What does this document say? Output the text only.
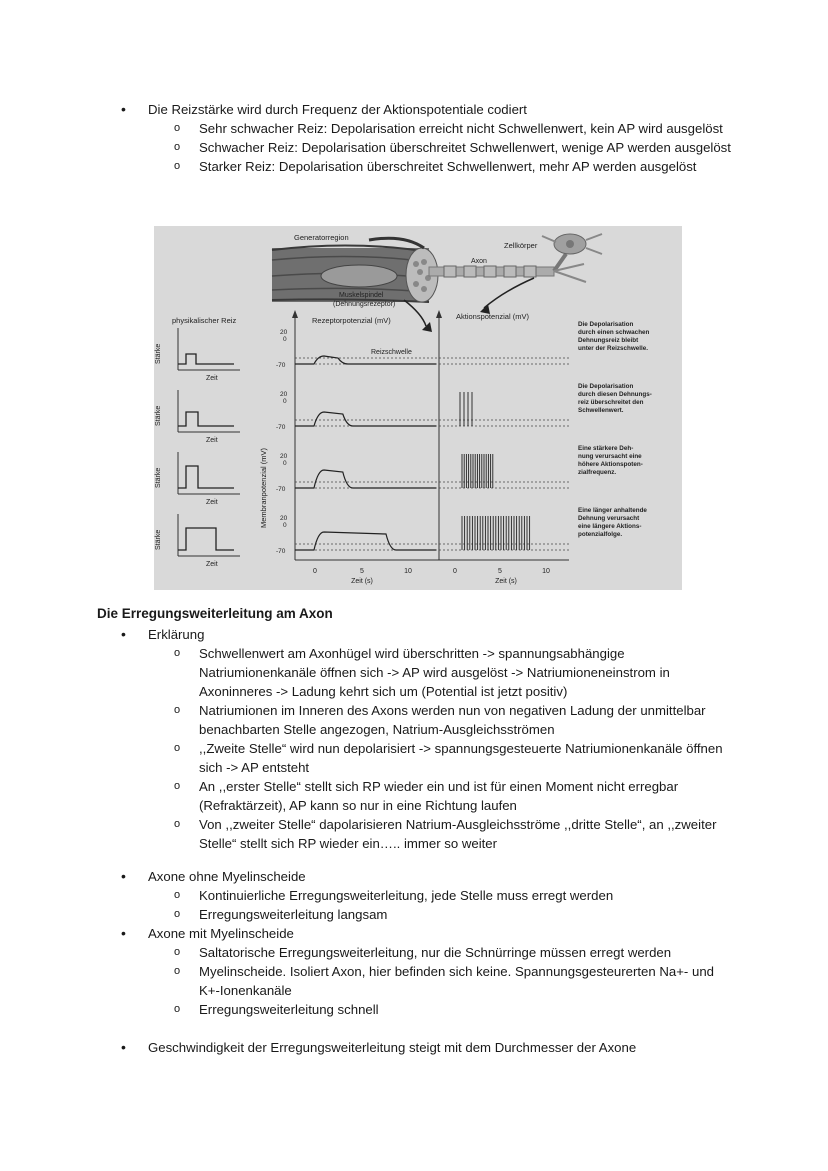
• Die Reizstärke wird durch Frequenz der Aktionspotentiale codiert
o Sehr schwacher Reiz: Depolarisation erreicht nicht Schwellenwert, kein AP wird ausgelöst
o Schwacher Reiz: Depolarisation überschreitet Schwellenwert, wenige AP werden ausgelöst
o Starker Reiz: Depolarisation überschreitet Schwellenwert, mehr AP werden ausgelöst
Generatorregion
Zellkörper
Axon
Muskelspindel
(Dehnungsrezeptor)
physikalischer Reiz	Rezeptorpotenzial (mV)	Aktionspotenzial (mV)
Reizschwelle
Membranpotenzial (mV)
Stärke
Zeit
20
0
-70
Die Depolarisation
durch einen schwachen
Dehnungsreiz bleibt
unter der Reizschwelle.
Stärke
Zeit
20
0
-70
Die Depolarisation
durch diesen Dehnungs-
reiz überschreitet den
Schwellenwert.
Stärke
Zeit
20
0
-70
Eine stärkere Deh-
nung verursacht eine
höhere Aktionspoten-
zialfrequenz.
Stärke
Zeit
20
0
-70
Eine länger anhaltende
Dehnung verursacht
eine längere Aktions-
potenzialfolge.
0	5	10	0	5	10
Zeit (s)	Zeit (s)
Die Erregungsweiterleitung am Axon
• Erklärung
o Schwellenwert am Axonhügel wird überschritten -> spannungsabhängige Natriumionenkanäle öffnen sich -> AP wird ausgelöst -> Natriumioneneinstrom in Axoninneres -> Ladung kehrt sich um (Potential ist jetzt positiv)
o Natriumionen im Inneren des Axons werden nun von negativen Ladung der unmittelbar benachbarten Stelle angezogen, Natrium-Ausgleichsströmen
o ,,Zweite Stelle“ wird nun depolarisiert -> spannungsgesteuerte Natriumionenkanäle öffnen sich -> AP entsteht
o An ,,erster Stelle“ stellt sich RP wieder ein und ist für einen Moment nicht erregbar (Refraktärzeit), AP kann so nur in eine Richtung laufen
o Von ,,zweiter Stelle“ dapolarisieren Natrium-Ausgleichsströme ,,dritte Stelle“, an ,,zweiter Stelle“ stellt sich RP wieder ein….. immer so weiter
• Axone ohne Myelinscheide
o Kontinuierliche Erregungsweiterleitung, jede Stelle muss erregt werden
o Erregungsweiterleitung langsam
• Axone mit Myelinscheide
o Saltatorische Erregungsweiterleitung, nur die Schnürringe müssen erregt werden
o Myelinscheide. Isoliert Axon, hier befinden sich keine. Spannungsgesteurerten Na+- und K+-Ionenkanäle
o Erregungsweiterleitung schnell
• Geschwindigkeit der Erregungsweiterleitung steigt mit dem Durchmesser der Axone
